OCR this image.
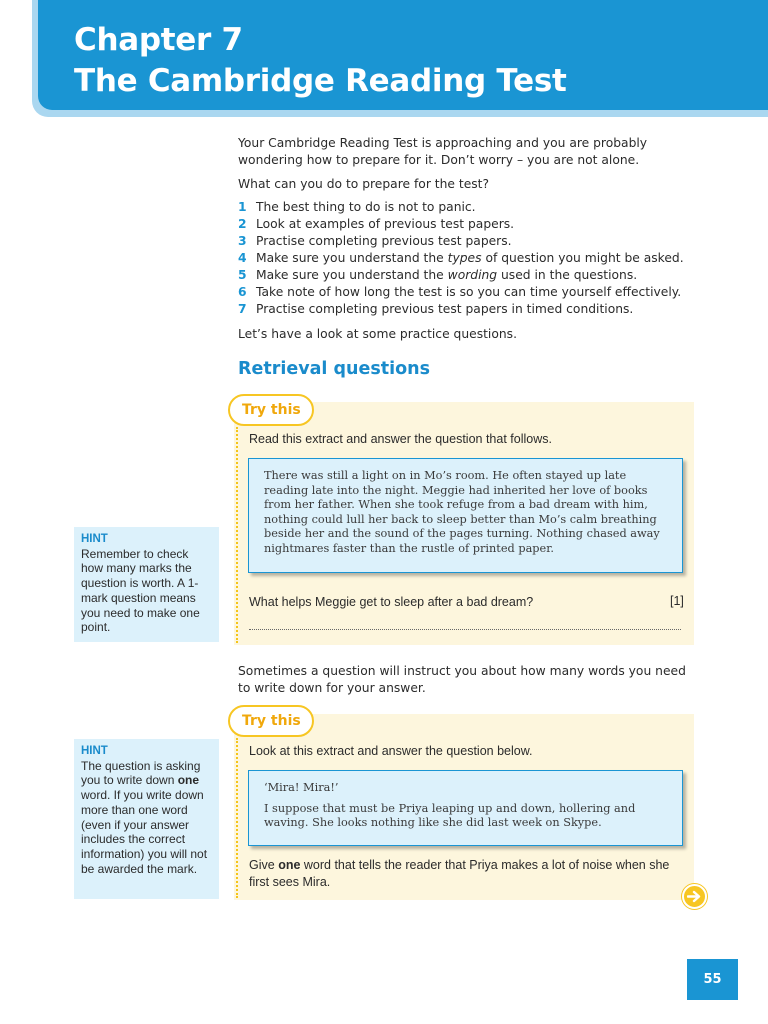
Chapter 7
The Cambridge Reading Test

Your Cambridge Reading Test is approaching and you are probably wondering how to prepare for it. Don’t worry – you are not alone.

What can you do to prepare for the test?

1 The best thing to do is not to panic.
2 Look at examples of previous test papers.
3 Practise completing previous test papers.
4 Make sure you understand the types of question you might be asked.
5 Make sure you understand the wording used in the questions.
6 Take note of how long the test is so you can time yourself effectively.
7 Practise completing previous test papers in timed conditions.

Let’s have a look at some practice questions.

Retrieval questions
Try this

Read this extract and answer the question that follows.

There was still a light on in Mo’s room. He often stayed up late reading late into the night. Meggie had inherited her love of books from her father. When she took refuge from a bad dream with him, nothing could lull her back to sleep better than Mo’s calm breathing beside her and the sound of the pages turning. Nothing chased away nightmares faster than the rustle of printed paper.

What helps Meggie get to sleep after a bad dream?	[1]
HINT
Remember to check how many marks the question is worth. A 1-mark question means you need to make one point.

Sometimes a question will instruct you about how many words you need to write down for your answer.

Try this

Look at this extract and answer the question below.

‘Mira! Mira!’

I suppose that must be Priya leaping up and down, hollering and waving. She looks nothing like she did last week on Skype.

Give one word that tells the reader that Priya makes a lot of noise when she first sees Mira.

HINT
The question is asking you to write down one word. If you write down more than one word (even if your answer includes the correct information) you will not be awarded the mark.
55
